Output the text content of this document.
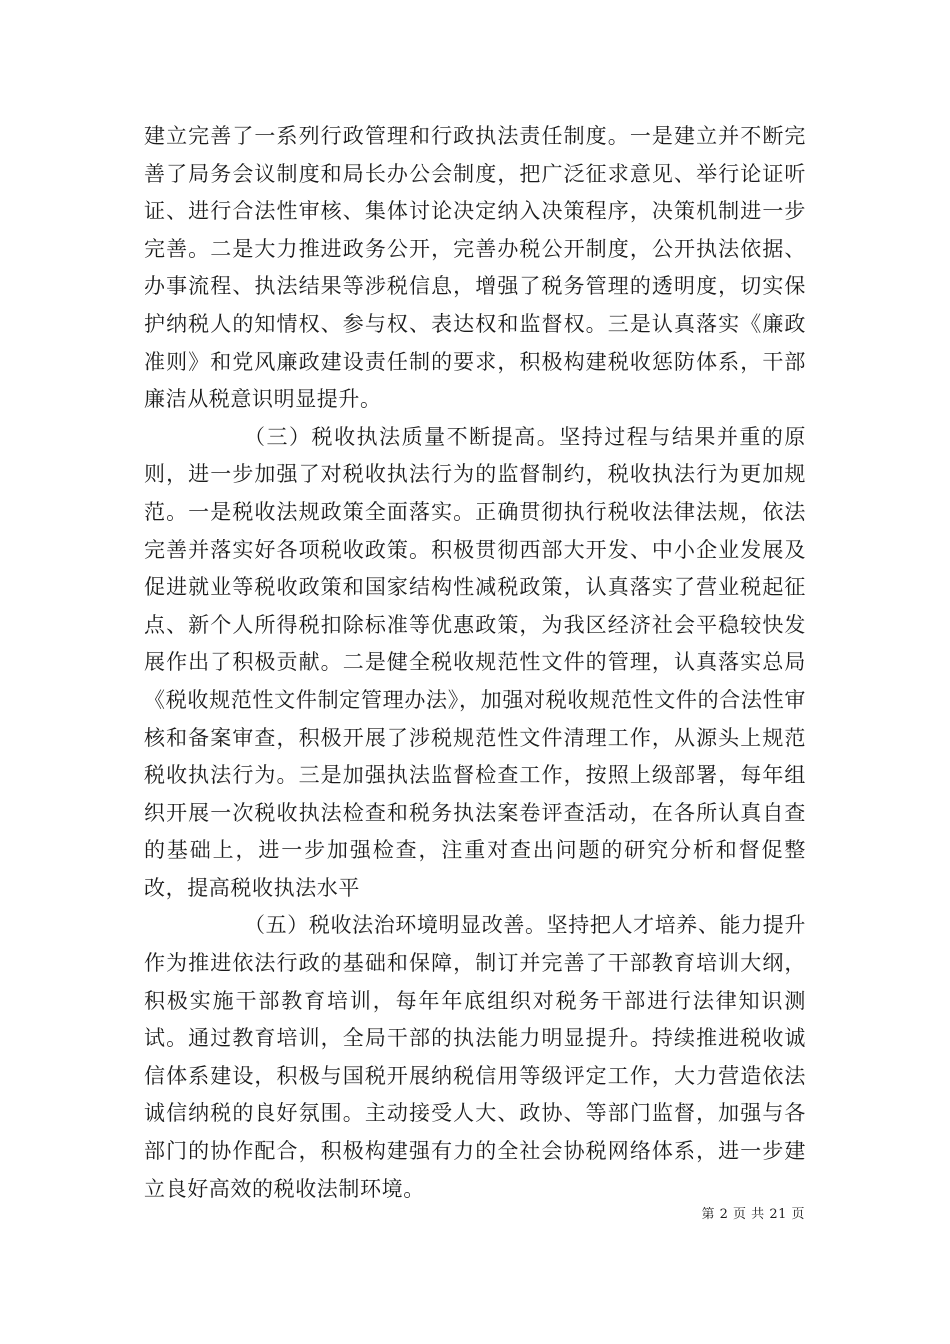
建立完善了一系列行政管理和行政执法责任制度。一是建立并不断完善了局务会议制度和局长办公会制度，把广泛征求意见、举行论证听证、进行合法性审核、集体讨论决定纳入决策程序，决策机制进一步完善。二是大力推进政务公开，完善办税公开制度，公开执法依据、办事流程、执法结果等涉税信息，增强了税务管理的透明度，切实保护纳税人的知情权、参与权、表达权和监督权。三是认真落实《廉政准则》和党风廉政建设责任制的要求，积极构建税收惩防体系，干部廉洁从税意识明显提升。

（三）税收执法质量不断提高。坚持过程与结果并重的原则，进一步加强了对税收执法行为的监督制约，税收执法行为更加规范。一是税收法规政策全面落实。正确贯彻执行税收法律法规，依法完善并落实好各项税收政策。积极贯彻西部大开发、中小企业发展及促进就业等税收政策和国家结构性减税政策，认真落实了营业税起征点、新个人所得税扣除标准等优惠政策，为我区经济社会平稳较快发展作出了积极贡献。二是健全税收规范性文件的管理，认真落实总局《税收规范性文件制定管理办法》，加强对税收规范性文件的合法性审核和备案审查，积极开展了涉税规范性文件清理工作，从源头上规范税收执法行为。三是加强执法监督检查工作，按照上级部署，每年组织开展一次税收执法检查和税务执法案卷评查活动，在各所认真自查的基础上，进一步加强检查，注重对查出问题的研究分析和督促整改，提高税收执法水平

（五）税收法治环境明显改善。坚持把人才培养、能力提升作为推进依法行政的基础和保障，制订并完善了干部教育培训大纲，积极实施干部教育培训，每年年底组织对税务干部进行法律知识测试。通过教育培训，全局干部的执法能力明显提升。持续推进税收诚信体系建设，积极与国税开展纳税信用等级评定工作，大力营造依法诚信纳税的良好氛围。主动接受人大、政协、等部门监督，加强与各部门的协作配合，积极构建强有力的全社会协税网络体系，进一步建立良好高效的税收法制环境。

第 2 页 共 21 页
